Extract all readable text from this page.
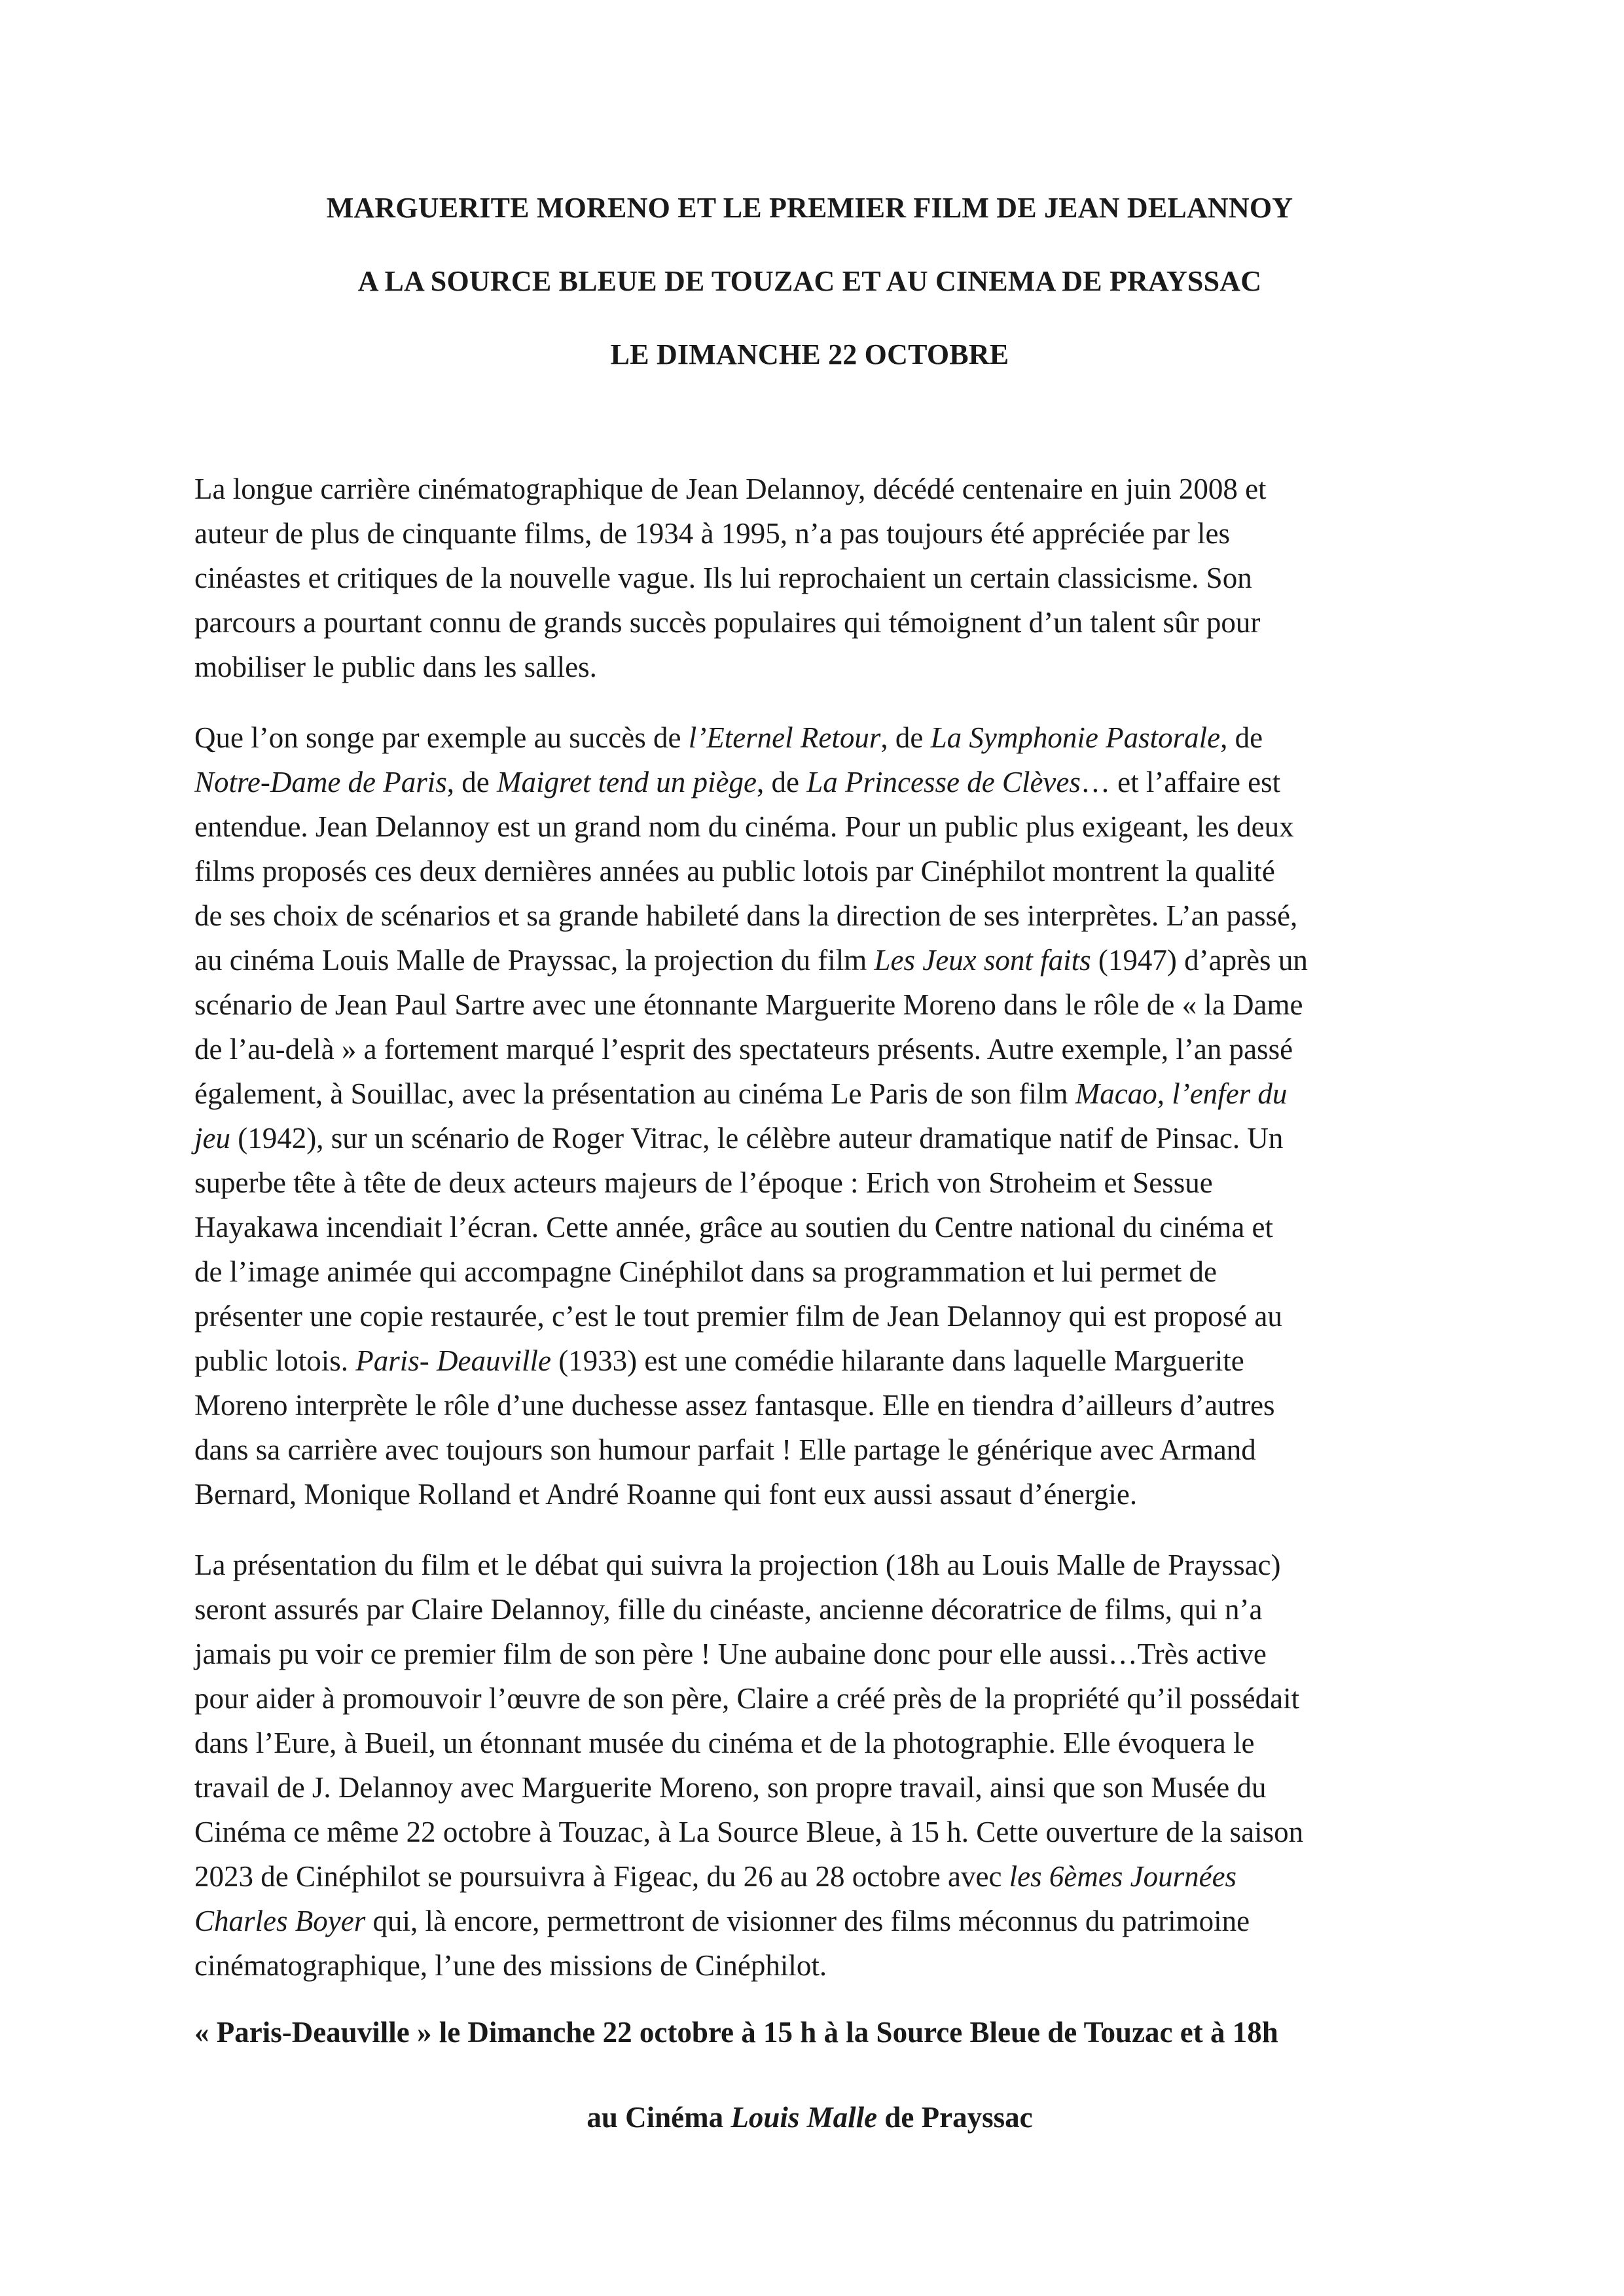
MARGUERITE MORENO ET LE PREMIER FILM DE JEAN DELANNOY

A LA SOURCE BLEUE DE TOUZAC ET AU CINEMA DE PRAYSSAC

LE DIMANCHE 22 OCTOBRE

La longue carrière cinématographique de Jean Delannoy, décédé centenaire en juin 2008 et
auteur de plus de cinquante films, de 1934 à 1995, n’a pas toujours été appréciée par les
cinéastes et critiques de la nouvelle vague. Ils lui reprochaient un certain classicisme. Son
parcours a pourtant connu de grands succès populaires qui témoignent d’un talent sûr pour
mobiliser le public dans les salles.

Que l’on songe par exemple au succès de l’Eternel Retour, de La Symphonie Pastorale, de
Notre-Dame de Paris, de Maigret tend un piège, de La Princesse de Clèves… et l’affaire est
entendue. Jean Delannoy est un grand nom du cinéma. Pour un public plus exigeant, les deux
films proposés ces deux dernières années au public lotois par Cinéphilot montrent la qualité
de ses choix de scénarios et sa grande habileté dans la direction de ses interprètes. L’an passé,
au cinéma Louis Malle de Prayssac, la projection du film Les Jeux sont faits (1947) d’après un
scénario de Jean Paul Sartre avec une étonnante Marguerite Moreno dans le rôle de « la Dame
de l’au-delà » a fortement marqué l’esprit des spectateurs présents. Autre exemple, l’an passé
également, à Souillac, avec la présentation au cinéma Le Paris de son film Macao, l’enfer du
jeu (1942), sur un scénario de Roger Vitrac, le célèbre auteur dramatique natif de Pinsac. Un
superbe tête à tête de deux acteurs majeurs de l’époque : Erich von Stroheim et Sessue
Hayakawa incendiait l’écran. Cette année, grâce au soutien du Centre national du cinéma et
de l’image animée qui accompagne Cinéphilot dans sa programmation et lui permet de
présenter une copie restaurée, c’est le tout premier film de Jean Delannoy qui est proposé au
public lotois. Paris- Deauville (1933) est une comédie hilarante dans laquelle Marguerite
Moreno interprète le rôle d’une duchesse assez fantasque. Elle en tiendra d’ailleurs d’autres
dans sa carrière avec toujours son humour parfait ! Elle partage le générique avec Armand
Bernard, Monique Rolland et André Roanne qui font eux aussi assaut d’énergie.

La présentation du film et le débat qui suivra la projection (18h au Louis Malle de Prayssac)
seront assurés par Claire Delannoy, fille du cinéaste, ancienne décoratrice de films, qui n’a
jamais pu voir ce premier film de son père ! Une aubaine donc pour elle aussi…Très active
pour aider à promouvoir l’œuvre de son père, Claire a créé près de la propriété qu’il possédait
dans l’Eure, à Bueil, un étonnant musée du cinéma et de la photographie. Elle évoquera le
travail de J. Delannoy avec Marguerite Moreno, son propre travail, ainsi que son Musée du
Cinéma ce même 22 octobre à Touzac, à La Source Bleue, à 15 h. Cette ouverture de la saison
2023 de Cinéphilot se poursuivra à Figeac, du 26 au 28 octobre avec les 6èmes Journées
Charles Boyer qui, là encore, permettront de visionner des films méconnus du patrimoine
cinématographique, l’une des missions de Cinéphilot.

« Paris-Deauville » le Dimanche 22 octobre à 15 h à la Source Bleue de Touzac et à 18h

au Cinéma Louis Malle de Prayssac
